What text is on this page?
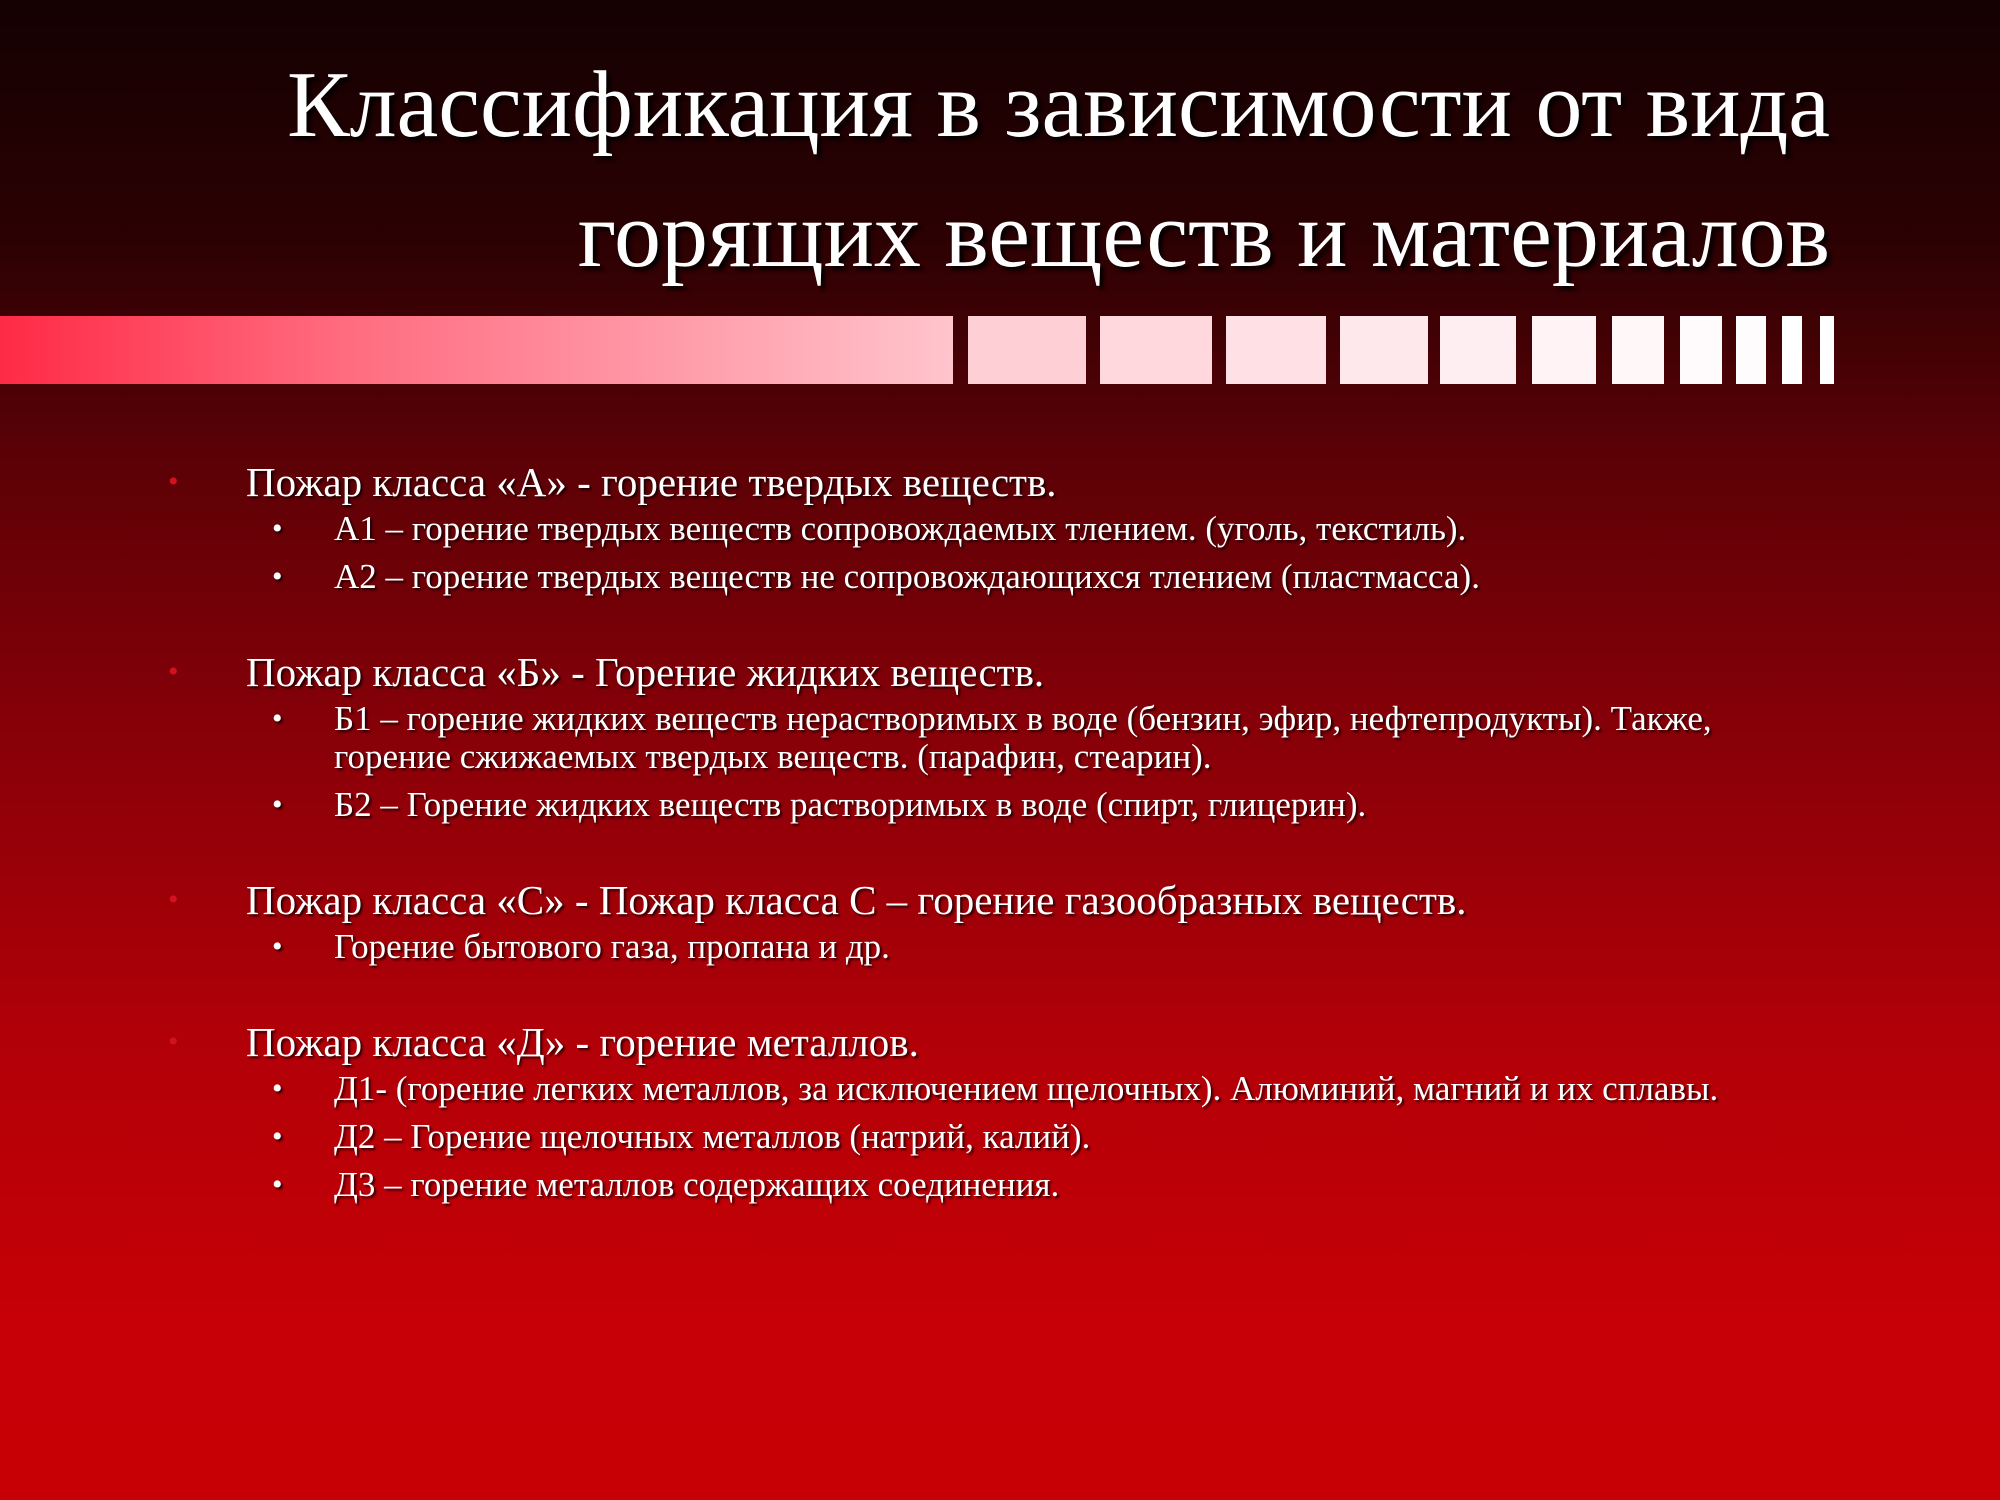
Классификация в зависимости от вида
горящих веществ и материалов

• Пожар класса «А» - горение твердых веществ.

• А1 – горение твердых веществ сопровождаемых тлением. (уголь, текстиль).

• А2 – горение твердых веществ не сопровождающихся тлением (пластмасса).

• Пожар класса «Б» - Горение жидких веществ.

• Б1 – горение жидких веществ нерастворимых в воде (бензин, эфир, нефтепродукты). Также, горение сжижаемых твердых веществ. (парафин, стеарин).

• Б2 – Горение жидких веществ растворимых в воде (спирт, глицерин).

• Пожар класса «С» - Пожар класса С – горение газообразных веществ.

• Горение бытового газа, пропана и др.

• Пожар класса «Д» - горение металлов.

• Д1- (горение легких металлов, за исключением щелочных). Алюминий, магний и их сплавы.

• Д2 – Горение щелочных металлов (натрий, калий).

• Д3 – горение металлов содержащих соединения.
